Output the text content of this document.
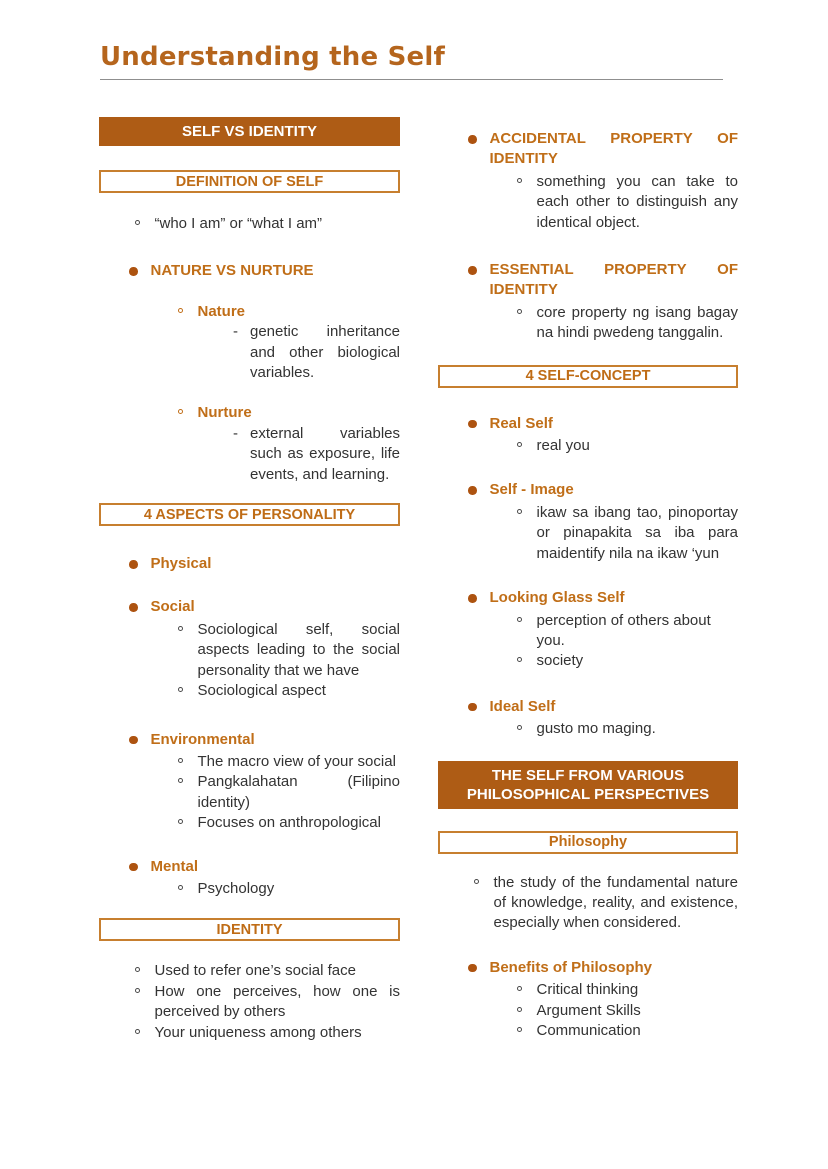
Understanding the Self
SELF VS IDENTITY
DEFINITION OF SELF
“who I am” or “what I am”
NATURE VS NURTURE
Nature
-
genetic inheritance and other biological variables.
Nurture
-
external variables such as exposure, life events, and learning.
4 ASPECTS OF PERSONALITY
Physical
Social
Sociological self, social aspects leading to the social personality that we have
Sociological aspect
Environmental
The macro view of your social
Pangkalahatan (Filipino identity)
Focuses on anthropological
Mental
Psychology
IDENTITY
Used to refer one’s social face
How one perceives, how one is perceived by others
Your uniqueness among others
ACCIDENTAL PROPERTY OF IDENTITY
something you can take to each other to distinguish any identical object.
ESSENTIAL PROPERTY OF IDENTITY
core property ng isang bagay na hindi pwedeng tanggalin.
4 SELF-CONCEPT
Real Self
real you
Self - Image
ikaw sa ibang tao, pinoportay or pinapakita sa iba para maidentify nila na ikaw ‘yun
Looking Glass Self
perception of others about you.
society
Ideal Self
gusto mo maging.
THE SELF FROM VARIOUS PHILOSOPHICAL PERSPECTIVES
Philosophy
the study of the fundamental nature of knowledge, reality, and existence, especially when considered.
Benefits of Philosophy
Critical thinking
Argument Skills
Communication
